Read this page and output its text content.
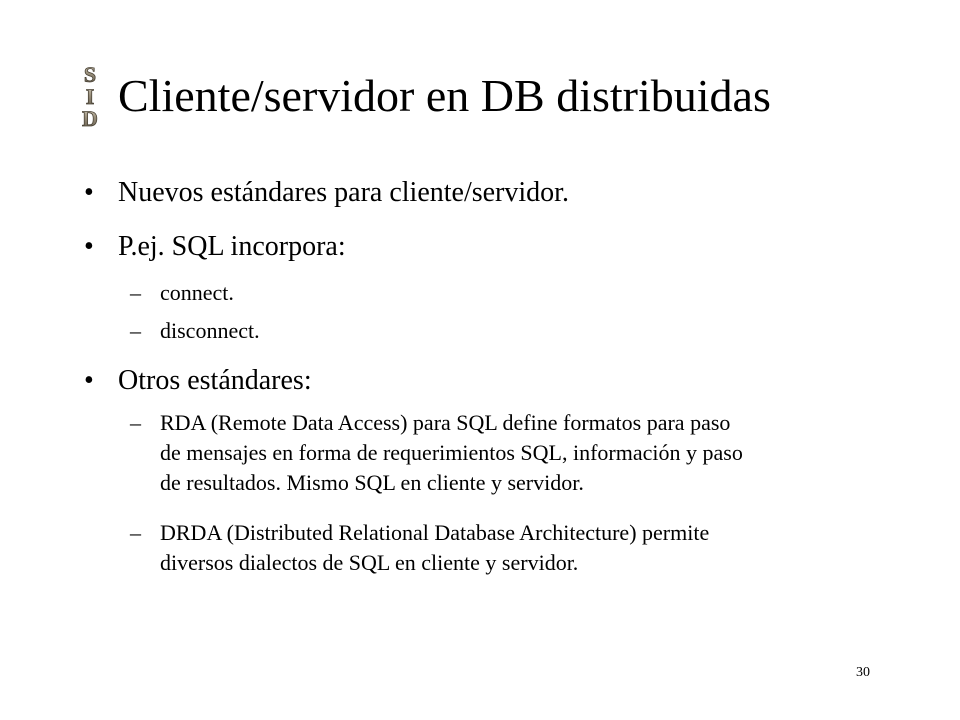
S
I
D Cliente/servidor en DB distribuidas
• Nuevos estándares para cliente/servidor.
• P.ej. SQL incorpora:
– connect.
– disconnect.
• Otros estándares:
– RDA (Remote Data Access) para SQL define formatos para paso
de mensajes en forma de requerimientos SQL, información y paso
de resultados. Mismo SQL en cliente y servidor.
– DRDA (Distributed Relational Database Architecture) permite
diversos dialectos de SQL en cliente y servidor.
30
